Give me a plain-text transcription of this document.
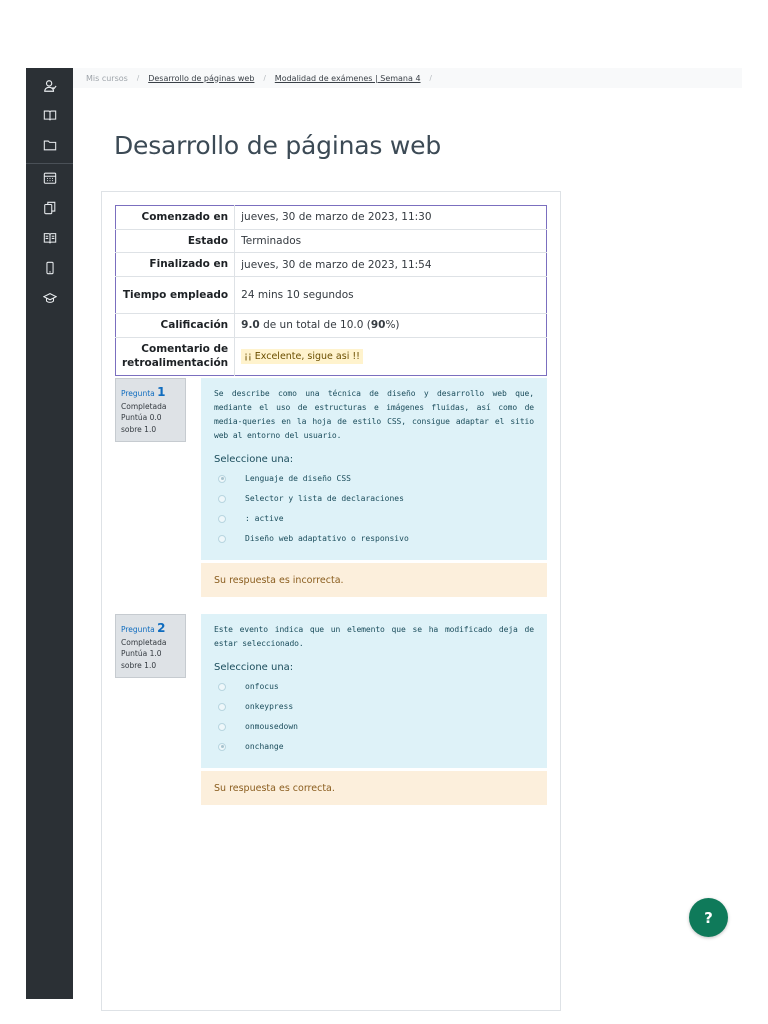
Mis cursos / Desarrollo de páginas web / Modalidad de exámenes | Semana 4 /
Desarrollo de páginas web
Comenzado en	jueves, 30 de marzo de 2023, 11:30
Estado	Terminados
Finalizado en	jueves, 30 de marzo de 2023, 11:54
Tiempo empleado	24 mins 10 segundos
Calificación	9.0 de un total de 10.0 (90%)
Comentario de retroalimentación	¡¡ Excelente, sigue asi !!
Pregunta 1
Completada
Puntúa 0.0 sobre 1.0
Se describe como una técnica de diseño y desarrollo web que, mediante el uso de estructuras e imágenes fluidas, así como de media-queries en la hoja de estilo CSS, consigue adaptar el sitio web al entorno del usuario.
Seleccione una:
Lenguaje de diseño CSS
Selector y lista de declaraciones
: active
Diseño web adaptativo o responsivo
Su respuesta es incorrecta.
Pregunta 2
Completada
Puntúa 1.0 sobre 1.0
Este evento indica que un elemento que se ha modificado deja de estar seleccionado.
Seleccione una:
onfocus
onkeypress
onmousedown
onchange
Su respuesta es correcta.
?
